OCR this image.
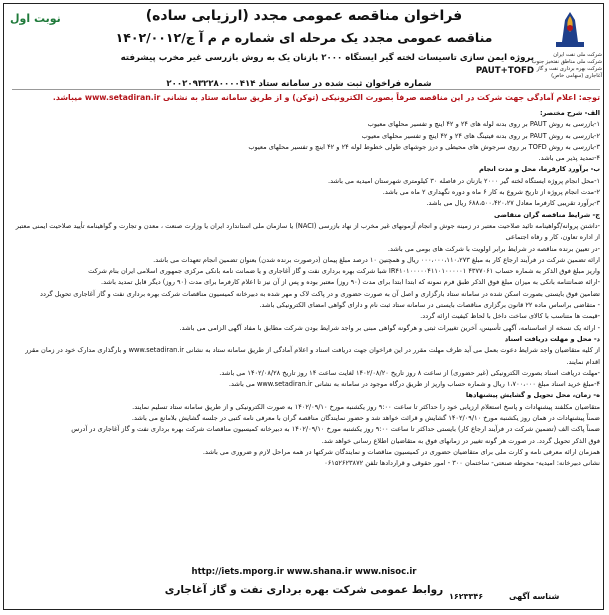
شرکت ملی نفت ایران
شرکت ملی مناطق نفتخیز جنوب
شرکت بهره برداری نفت و گاز
آغاجاری (سهامی خاص)
نوبت اول	فراخوان مناقصه عمومی مجدد (ارزیابی ساده)
مناقصه عمومی مجدد یک مرحله ای شماره م م آ ج/۱۴۰۲/۰۰۱۲
پروژه ایمن سازی تاسیسات لخته گیر ایستگاه ۲۰۰۰ بازنان یک به روش بازرسی غیر مخرب پیشرفته PAUT+TOFD
شماره فراخوان ثبت شده در سامانه ستاد ۲۰۰۲۰۹۳۲۲۸۰۰۰۰۴۱۴
توجه: اعلام آمادگی جهت شرکت در این مناقصه صرفاً بصورت الکترونیکی (توکن) و از طریق سامانه ستاد به نشانی www.setadiran.ir میباشد.

الف- شرح مختصر:

۱-بازرسی به روش PAUT بر روی بدنه لوله های ۲۴ و ۴۲ اینچ و تفسیر محلهای معیوب

۲-بازرسی به روش PAUT بر روی بدنه فیتینگ های ۲۴ و ۴۲ اینچ و تفسیر محلهای معیوب

۳-بازرسی به روش TOFD بر روی سرجوش های محیطی و درز جوشهای طولی خطوط لوله ۲۴ و ۴۲ اینچ و تفسیر محلهای معیوب

۴-تمدید پذیر می باشد.

ب- برآورد کارفرما، محل و مدت انجام

۱-محل انجام پروژه ایستگاه لخته گیر ۲۰۰۰ بازنان در فاصله ۳۰ کیلومتری شهرستان امیدیه می باشد.

۲-مدت انجام پروژه از تاریخ شروع به کار ۶ ماه و دوره نگهداری ۲ ماه می باشد.

۳-برآورد تقریبی کارفرما معادل ۶۸۸،۵۰۰،۴۲۰،۲۷ ریال می باشد.

ج- شرایط مناقصه گران متقاضی

-داشتن پروانه/گواهینامه تائید صلاحیت معتبر در زمینه جوش و انجام آزمونهای غیر مخرب از نهاد بازرسی (NACI) یا سازمان ملی استاندارد ایران یا وزارت صنعت ، معدن و تجارت و گواهینامه تأیید صلاحیت ایمنی معتبر از اداره تعاون، کار و رفاه اجتماعی

-در تعیین برنده مناقصه در شرایط برابر اولویت با شرکت های بومی می باشد.

ارائه تضمین شرکت در فرآیند ارجاع کار به مبلغ ۰۰۰،۰۰۰،۱۱۰،۲۷۳ ریال و همچنین ۱۰ درصد مبلغ پیمان (درصورت برنده شدن) بعنوان تضمین انجام تعهدات می باشد.

واریز مبلغ فوق الذکر به شماره حساب ۴۳۷۷۰۶۱ IR۴۱۰۱۰۰۰۰۰۴۱۱۰۱۰۰۰۰۰۱ شبا شرکت بهره برداری نفت و گاز آغاجاری و یا ضمانت نامه بانکی مرکزی جمهوری اسلامی ایران بنام شرکت

-ارائه ضمانتنامه بانکی به میزان مبلغ فوق الذکر طبق فرم نمونه که ابتدا ابتدا برای مدت (۹۰ روز) معتبر بوده و پس از آن نیز تا اعلام کارفرما برای مدت (۹۰ روز) دیگر قابل تمدید باشد.

تضامین فوق بایستی بصورت اسکن شده در سامانه ستاد بارگزاری و اصل آن به صورت حضوری و در پاکت لاک و مهر شده به دبیرخانه کمیسیون مناقصات شرکت بهره برداری نفت و گاز آغاجاری تحویل گردد

- متقاضی براساس ماده ۲۲ قانون برگزاری مناقصات بایستی در سامانه ستاد ثبت نام و دارای گواهی امضای الکترونیکی باشد.

-قیمت ها متناسب با کالای ساخت داخل با لحاظ کیفیت ارائه گردد.

- ارائه یک نسخه از اساسنامه، آگهی تأسیس، آخرین تغییرات ثبتی و هرگونه گواهی مبنی بر واجد شرایط بودن شرکت مطابق با مفاد آگهی الزامی می باشد.

د- محل و مهلت دریافت اسناد

از کلیه متقاضیان واجد شرایط دعوت بعمل می آید ظرف مهلت مقرر در این فراخوان جهت دریافت اسناد و اعلام آمادگی از طریق سامانه ستاد به نشانی www.setadiran.ir و بارگذاری مدارک خود در زمان مقرر اقدام نمایند.

-مهلت دریافت اسناد بصورت الکترونیکی (غیر حضوری) از ساعت ۸ روز تاریخ ۱۴۰۲/۰۸/۲۰ لغایت ساعت ۱۴ روز تاریخ ۱۴۰۲/۰۸/۲۸ می باشد.

۴-مبلغ خرید اسناد مبلغ ۱،۷۰۰،۰۰۰ ریال و شماره حساب واریز از طریق درگاه موجود در سامانه به نشانی www.setadiran.ir می باشد.

ه- زمان، محل تحویل و گشایش پیشنهادها

متقاضیان مکلفند پیشنهادات و پاسخ استعلام ارزیابی خود را حداکثر تا ساعت ۹:۰۰ روز یکشنبه مورخ ۱۴۰۲/۰۹/۱۰ به صورت الکترونیکی و از طریق سامانه ستاد تسلیم نمایند.

ضمناً پیشنهادات در همان روز یکشنبه مورخ ۱۴۰۲/۰۹/۱۰ گشایش و قرائت خواهد شد و حضور نمایندگان مناقصه گران با معرفی نامه کتبی در جلسه گشایش بلامانع می باشد.

ضمناً پاکت الف (تضمین شرکت در فرآیند ارجاع کار) بایستی حداکثر تا ساعت ۹:۰۰ روز یکشنبه مورخ ۱۴۰۲/۰۹/۱۰ به دبیرخانه کمیسیون مناقصات شرکت بهره برداری نفت و گاز آغاجاری در آدرس

فوق الذکر تحویل گردد. در صورت هر گونه تغییر در زمانهای فوق به متقاضیان اطلاع رسانی خواهد شد.

همزمان ارائه معرفی نامه و کارت ملی برای متقاضیان حضوری در کمیسیون مناقصات و نمایندگان شرکتها در همه مراحل لازم و ضروری می باشد.

نشانی دبیرخانه: امیدیه- محوطه صنعتی- ساختمان ۳۰۰ - امور حقوقی و قراردادها تلفن ۰۶۱۵۲۶۲۳۸۷۲

http://iets.mporg.ir www.shana.ir www.nisoc.ir
روابط عمومی شرکت بهره برداری نفت و گاز آغاجاری
شناسه آگهی
۱۶۲۳۳۴۶
